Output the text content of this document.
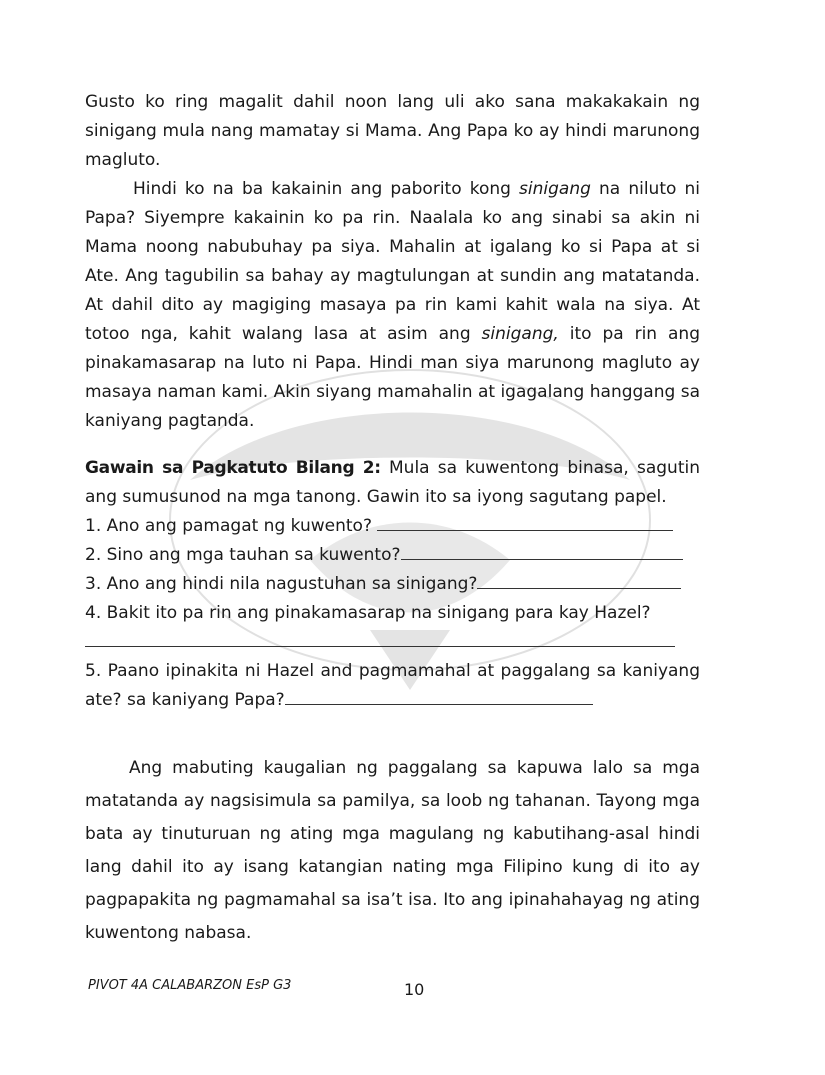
Gusto ko ring magalit dahil noon lang uli ako sana makakakain ng sinigang mula nang mamatay si Mama. Ang Papa ko ay hindi marunong magluto.
Hindi ko na ba kakainin ang paborito kong sinigang na niluto ni Papa? Siyempre kakainin ko pa rin. Naalala ko ang sinabi sa akin ni Mama noong nabubuhay pa siya. Mahalin at igalang ko si Papa at si Ate. Ang tagubilin sa bahay ay magtulungan at sundin ang matatanda. At dahil dito ay magiging masaya pa rin kami kahit wala na siya. At totoo nga, kahit walang lasa at asim ang sinigang, ito pa rin ang pinakamasarap na luto ni Papa. Hindi man siya marunong magluto ay masaya naman kami. Akin siyang mamahalin at igagalang hanggang sa kaniyang pagtanda.
Gawain sa Pagkatuto Bilang 2: Mula sa kuwentong binasa, sagutin ang sumusunod na mga tanong. Gawin ito sa iyong sagutang papel.
1. Ano ang pamagat ng kuwento?
2. Sino ang mga tauhan sa kuwento?
3. Ano ang hindi nila nagustuhan sa sinigang?
4. Bakit ito pa rin ang pinakamasarap na sinigang para kay Hazel?
5. Paano ipinakita ni Hazel and pagmamahal at paggalang sa kaniyang ate? sa kaniyang Papa?
Ang mabuting kaugalian ng paggalang sa kapuwa lalo sa mga matatanda ay nagsisimula sa pamilya, sa loob ng tahanan. Tayong mga bata ay tinuturuan ng ating mga magulang ng kabutihang-asal hindi lang dahil ito ay isang katangian nating mga Filipino kung di ito ay pagpapakita ng pagmamahal sa isa’t isa. Ito ang ipinahahayag ng ating kuwentong nabasa.
PIVOT 4A CALABARZON EsP G3	10
